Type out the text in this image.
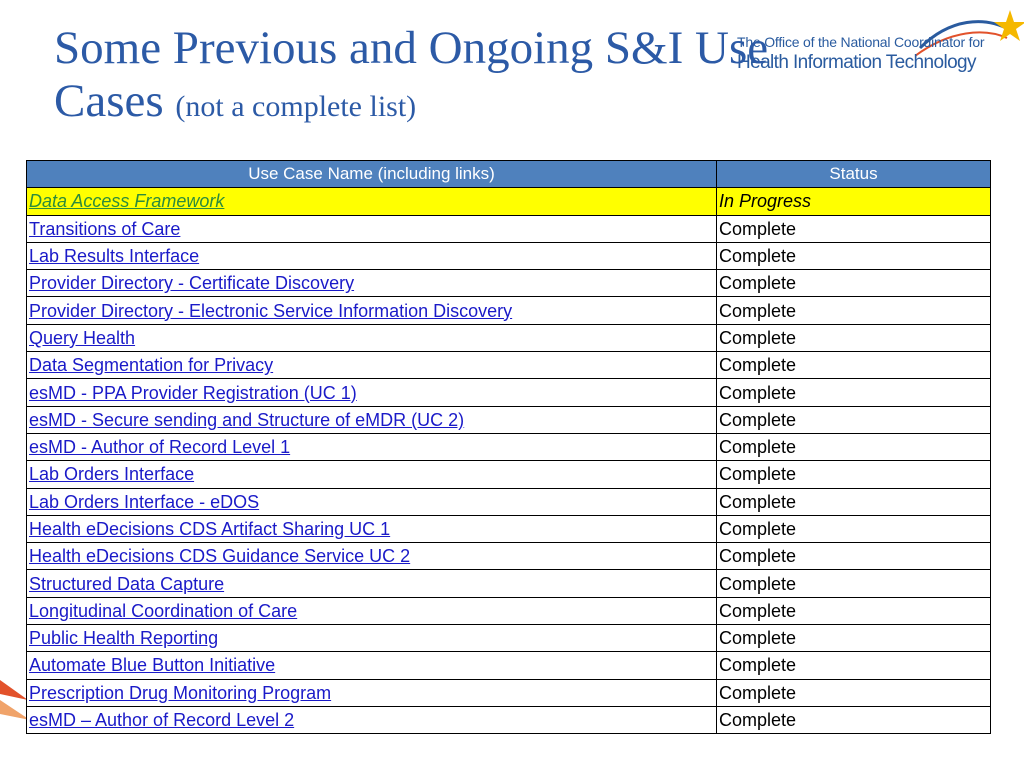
The Office of the National Coordinator for
Health Information Technology
Some Previous and Ongoing S&I Use
Cases (not a complete list)
Use Case Name (including links)	Status
Data Access Framework	In Progress
Transitions of Care	Complete
Lab Results Interface	Complete
Provider Directory - Certificate Discovery	Complete
Provider Directory - Electronic Service Information Discovery	Complete
Query Health	Complete
Data Segmentation for Privacy	Complete
esMD - PPA Provider Registration (UC 1)	Complete
esMD - Secure sending and Structure of eMDR (UC 2)	Complete
esMD - Author of Record Level 1	Complete
Lab Orders Interface	Complete
Lab Orders Interface - eDOS	Complete
Health eDecisions CDS Artifact Sharing UC 1	Complete
Health eDecisions CDS Guidance Service UC 2	Complete
Structured Data Capture	Complete
Longitudinal Coordination of Care	Complete
Public Health Reporting	Complete
Automate Blue Button Initiative	Complete
Prescription Drug Monitoring Program	Complete
esMD – Author of Record Level 2	Complete
